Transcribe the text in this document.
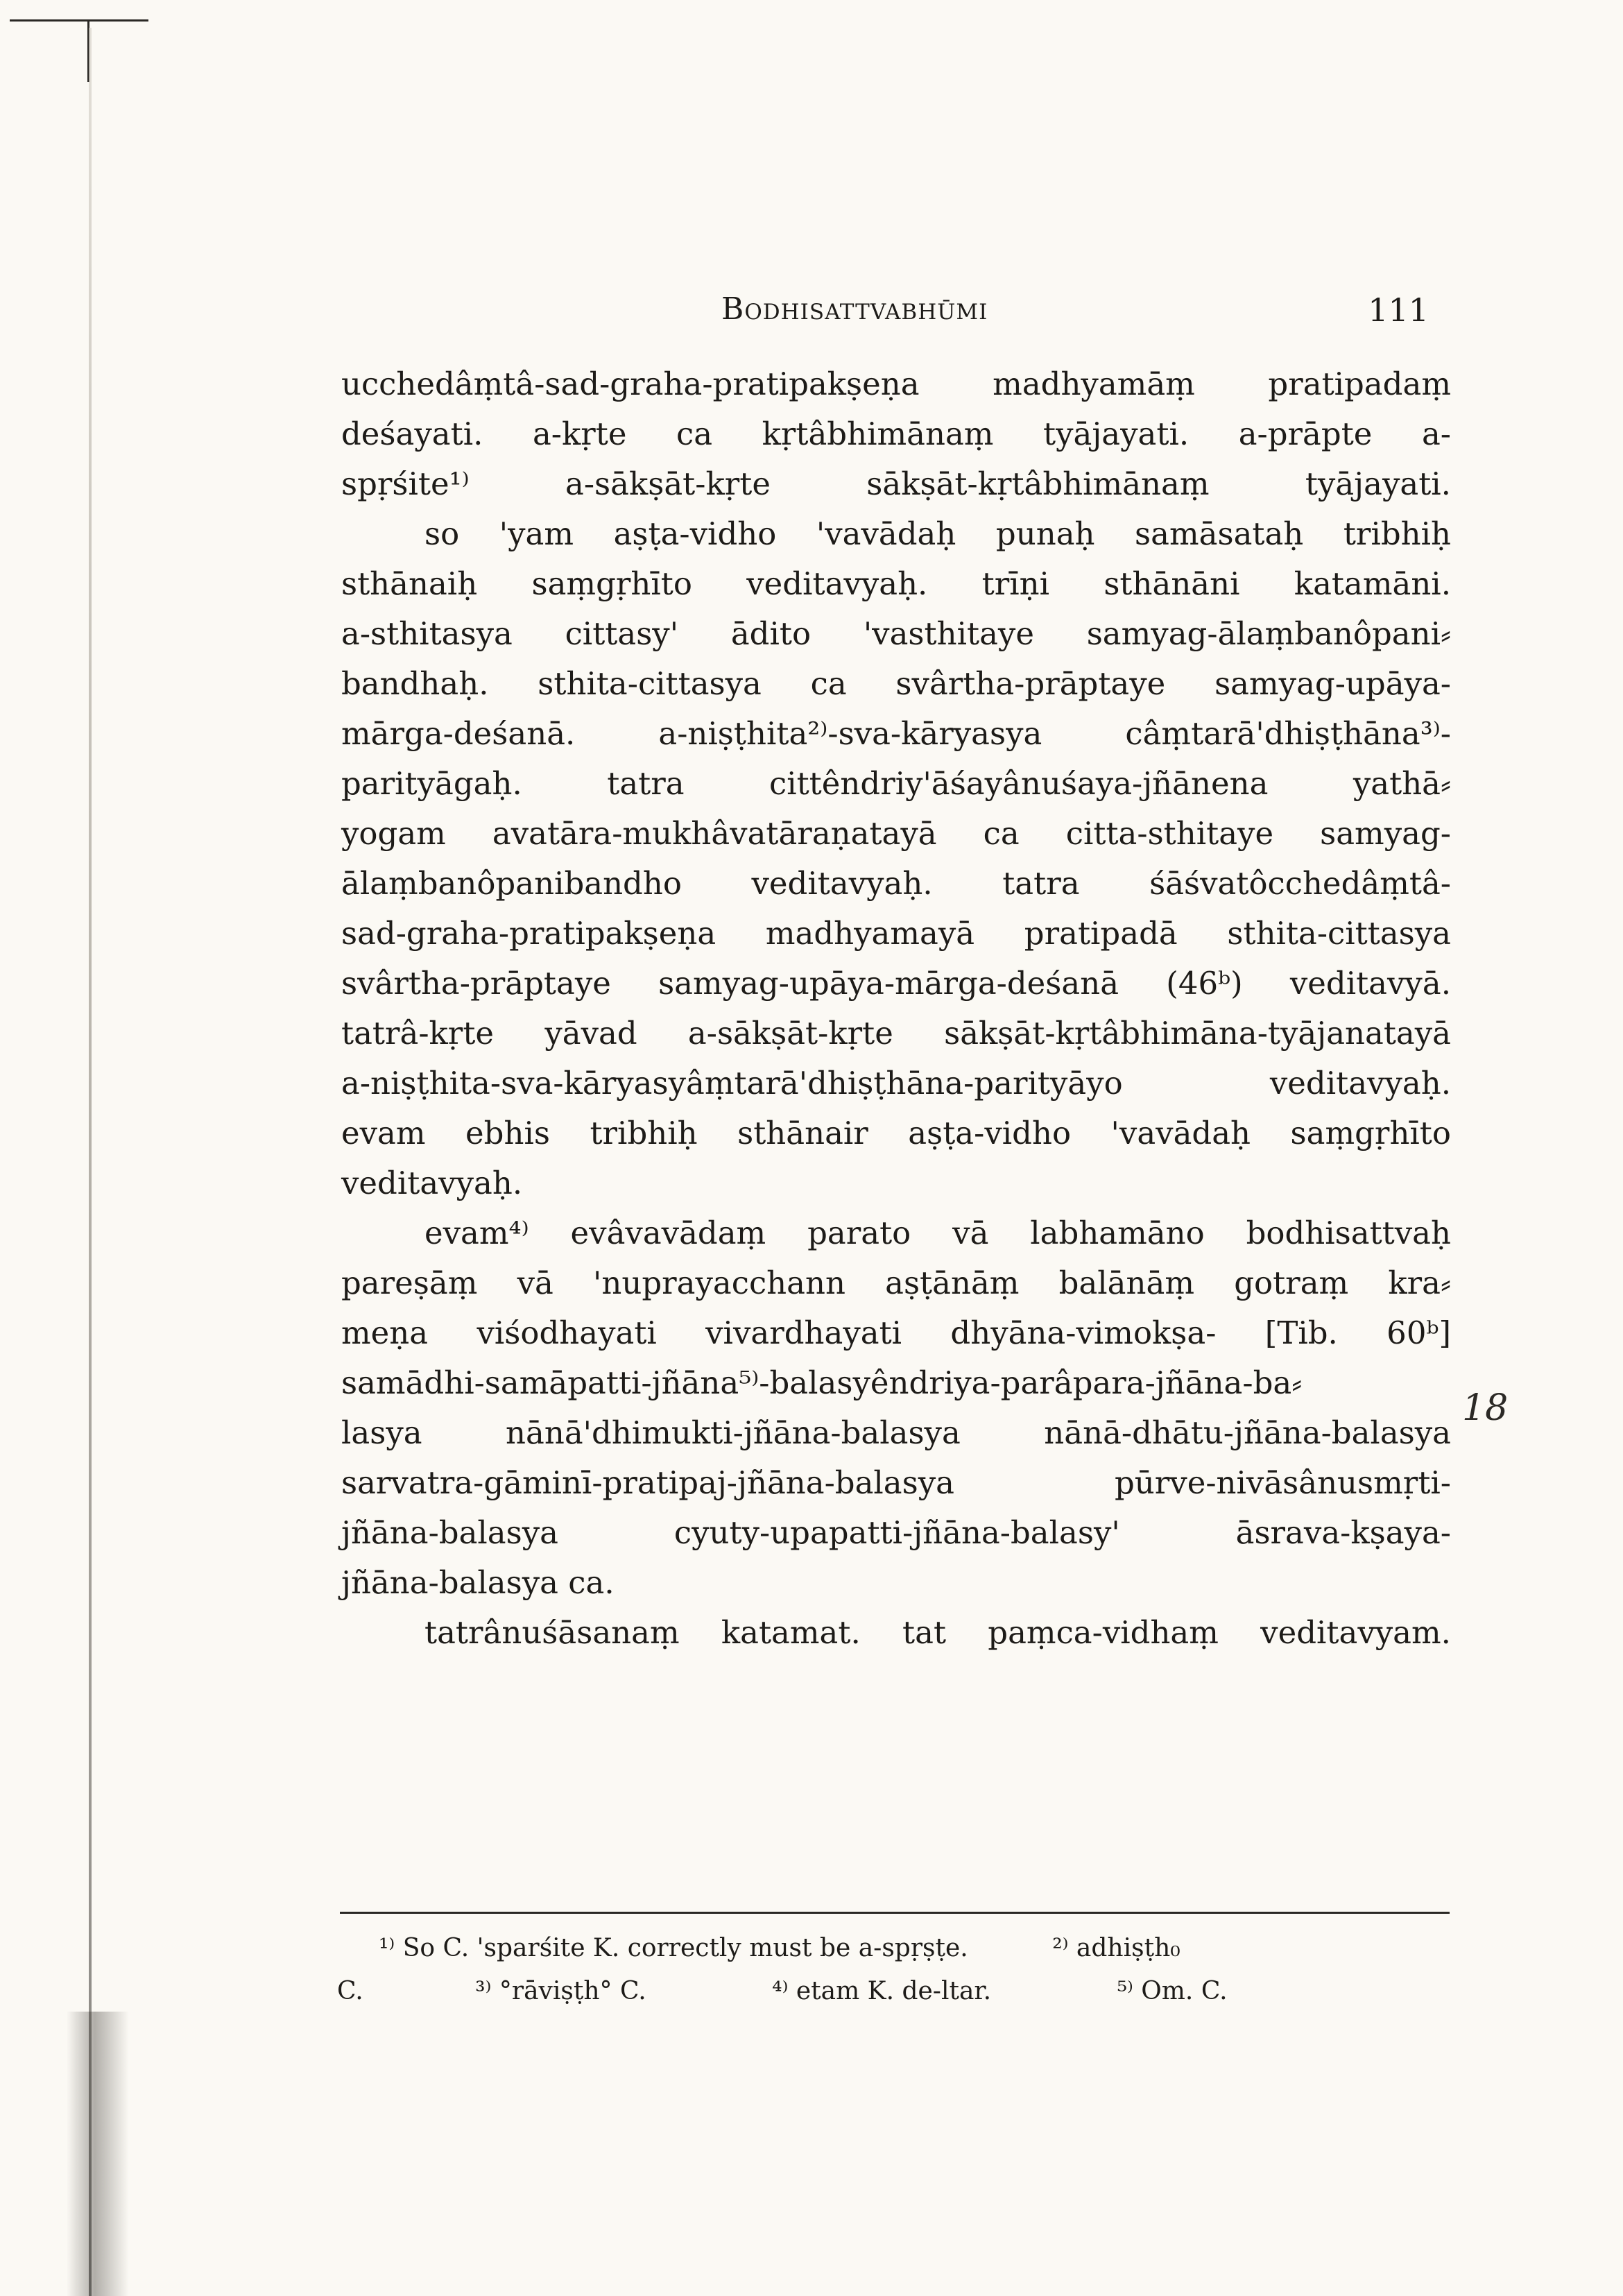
Bodhisattvabhūmi	111
ucchedâṃtâ-sad-graha-pratipakṣeṇa madhyamāṃ pratipadaṃ
deśayati. a-kṛte ca kṛtâbhimānaṃ tyājayati. a-prāpte a-
spṛśite¹⁾ a-sākṣāt-kṛte sākṣāt-kṛtâbhimānaṃ tyājayati.
so 'yam aṣṭa-vidho 'vavādaḥ punaḥ samāsataḥ tribhiḥ
sthānaiḥ saṃgṛhīto veditavyaḥ. trīṇi sthānāni katamāni.
a-sthitasya cittasy' ādito 'vasthitaye samyag-ālaṃbanôpani⸗
bandhaḥ. sthita-cittasya ca svârtha-prāptaye samyag-upāya-
mārga-deśanā. a-niṣṭhita²⁾-sva-kāryasya câṃtarā'dhiṣṭhāna³⁾-
parityāgaḥ. tatra cittêndriy'āśayânuśaya-jñānena yathā⸗
yogam avatāra-mukhâvatāraṇatayā ca citta-sthitaye samyag-
ālaṃbanôpanibandho veditavyaḥ. tatra śāśvatôcchedâṃtâ-
sad-graha-pratipakṣeṇa madhyamayā pratipadā sthita-cittasya
svârtha-prāptaye samyag-upāya-mārga-deśanā (46ᵇ) veditavyā.
tatrâ-kṛte yāvad a-sākṣāt-kṛte sākṣāt-kṛtâbhimāna-tyājanatayā
a-niṣṭhita-sva-kāryasyâṃtarā'dhiṣṭhāna-parityāyo veditavyaḥ.
evam ebhis tribhiḥ sthānair aṣṭa-vidho 'vavādaḥ saṃgṛhīto
veditavyaḥ.
evam⁴⁾ evâvavādaṃ parato vā labhamāno bodhisattvaḥ
pareṣāṃ vā 'nuprayacchann aṣṭānāṃ balānāṃ gotraṃ kra⸗
meṇa viśodhayati vivardhayati dhyāna-vimokṣa- [Tib. 60ᵇ]
samādhi-samāpatti-jñāna⁵⁾-balasyêndriya-parâpara-jñāna-ba⸗
lasya nānā'dhimukti-jñāna-balasya nānā-dhātu-jñāna-balasya
sarvatra-gāminī-pratipaj-jñāna-balasya pūrve-nivāsânusmṛti-
jñāna-balasya cyuty-upapatti-jñāna-balasy' āsrava-kṣaya-
jñāna-balasya ca.
tatrânuśāsanaṃ katamat. tat paṃca-vidhaṃ veditavyam.
18
¹⁾ So C. 'sparśite K. correctly must be a-spṛṣṭe.	²⁾ adhiṣṭh₀
C.	³⁾ °rāviṣṭh° C.	⁴⁾ etam K. de-ltar.	⁵⁾ Om. C.
